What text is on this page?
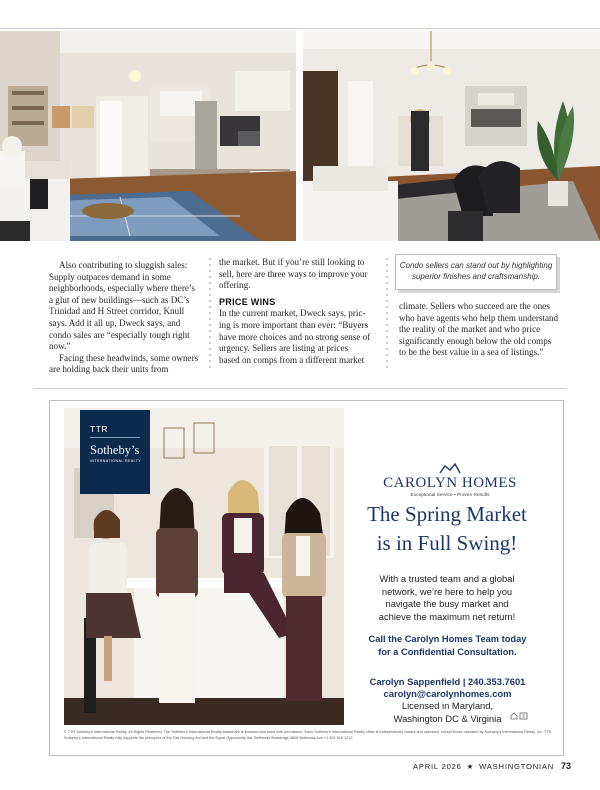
Condo sellers can stand out by highlighting superior finishes and craftsmanship.

Also contributing to sluggish sales: Supply outpaces demand in some neighborhoods, especially where there’s a glut of new buildings—such as DC’s Trinidad and H Street corridor, Knull says. Add it all up, Dweck says, and condo sales are “especially tough right now.”

Facing these headwinds, some owners are holding back their units from

the market. But if you’re still looking to sell, here are three ways to improve your offering.

PRICE WINS

In the current market, Dweck says, pricing is more important than ever: “Buyers have more choices and no strong sense of urgency. Sellers are listing at prices based on comps from a different market

climate. Sellers who succeed are the ones who have agents who help them understand the reality of the market and who price significantly enough below the old comps to be the best value in a sea of listings.”

TTR
Sotheby’s
INTERNATIONAL REALTY
CAROLYN HOMES
Exceptional Service • Proven Results
The Spring Market
is in Full Swing!
With a trusted team and a global
network, we’re here to help you
navigate the busy market and
achieve the maximum net return!
Call the Carolyn Homes Team today
for a Confidential Consultation.
Carolyn Sappenfield | 240.353.7601
carolyn@carolynhomes.com
Licensed in Maryland,
Washington DC & Virginia
© TTR Sotheby’s International Realty. All Rights Reserved. The Sotheby’s International Realty trademark is licensed and used with permission. Each Sotheby’s International Realty office is independently owned and operated, except those operated by Sotheby’s International Realty, Inc. TTR Sotheby’s International Realty fully supports the principles of the Fair Housing Act and the Equal Opportunity Act. Bethesda Brokerage 4809 Bethesda Ave +1 301 516 1212
APRIL 2026 ★ WASHINGTONIAN 73
